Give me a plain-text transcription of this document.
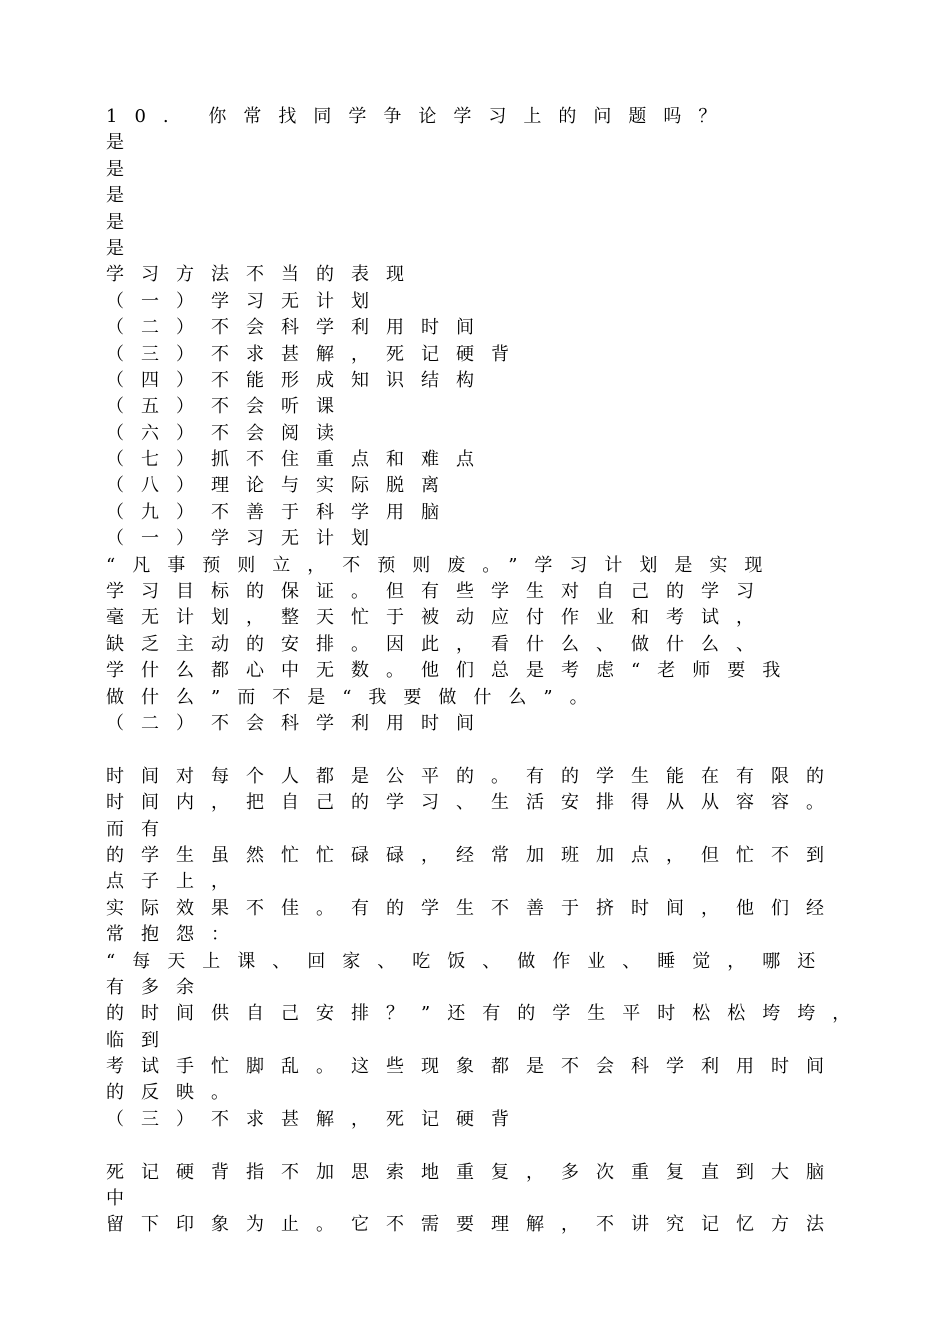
10. 你常找同学争论学习上的问题吗？
是
是
是
是
是
学习方法不当的表现
（一）学习无计划
（二）不会科学利用时间
（三）不求甚解，死记硬背
（四）不能形成知识结构
（五）不会听课
（六）不会阅读
（七）抓不住重点和难点
（八）理论与实际脱离
（九）不善于科学用脑
（一）学习无计划
“凡事预则立，不预则废。”学习计划是实现
学习目标的保证。但有些学生对自己的学习
毫无计划，整天忙于被动应付作业和考试，
缺乏主动的安排。因此，看什么、做什么、
学什么都心中无数。他们总是考虑“老师要我
做什么”而不是“我要做什么”。
（二）不会科学利用时间
时间对每个人都是公平的。有的学生能在有限的
时间内，把自己的学习、生活安排得从从容容。
而有
的学生虽然忙忙碌碌，经常加班加点，但忙不到
点子上，
实际效果不佳。有的学生不善于挤时间，他们经
常抱怨：
“每天上课、回家、吃饭、做作业、睡觉，哪还
有多余
的时间供自己安排？”还有的学生平时松松垮垮，
临到
考试手忙脚乱。这些现象都是不会科学利用时间
的反映。
（三）不求甚解，死记硬背
死记硬背指不加思索地重复，多次重复直到大脑
中
留下印象为止。它不需要理解，不讲究记忆方法
